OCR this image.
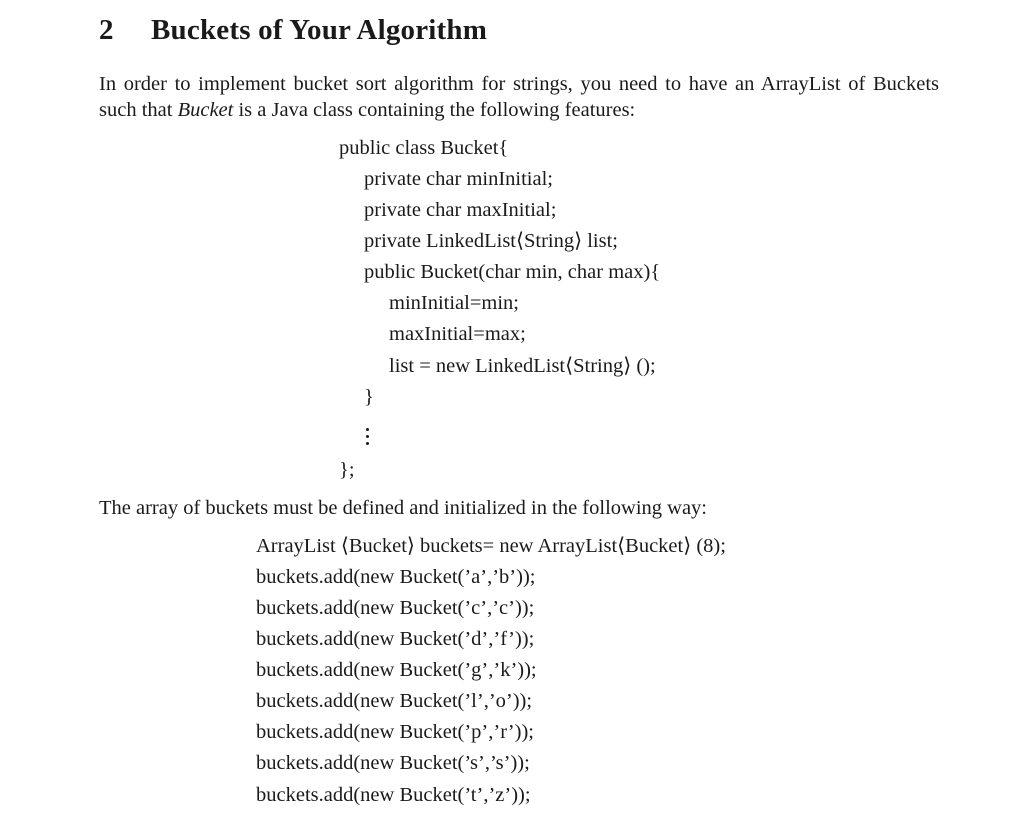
2 Buckets of Your Algorithm

In order to implement bucket sort algorithm for strings, you need to have an ArrayList of Buckets such that Bucket is a Java class containing the following features:

public class Bucket{
private char minInitial;
private char maxInitial;
private LinkedList⟨String⟩ list;
public Bucket(char min, char max){
minInitial=min;
maxInitial=max;
list = new LinkedList⟨String⟩ ();
}
};

The array of buckets must be defined and initialized in the following way:

ArrayList ⟨Bucket⟩ buckets= new ArrayList⟨Bucket⟩ (8);
buckets.add(new Bucket(’a’,’b’));
buckets.add(new Bucket(’c’,’c’));
buckets.add(new Bucket(’d’,’f’));
buckets.add(new Bucket(’g’,’k’));
buckets.add(new Bucket(’l’,’o’));
buckets.add(new Bucket(’p’,’r’));
buckets.add(new Bucket(’s’,’s’));
buckets.add(new Bucket(’t’,’z’));
